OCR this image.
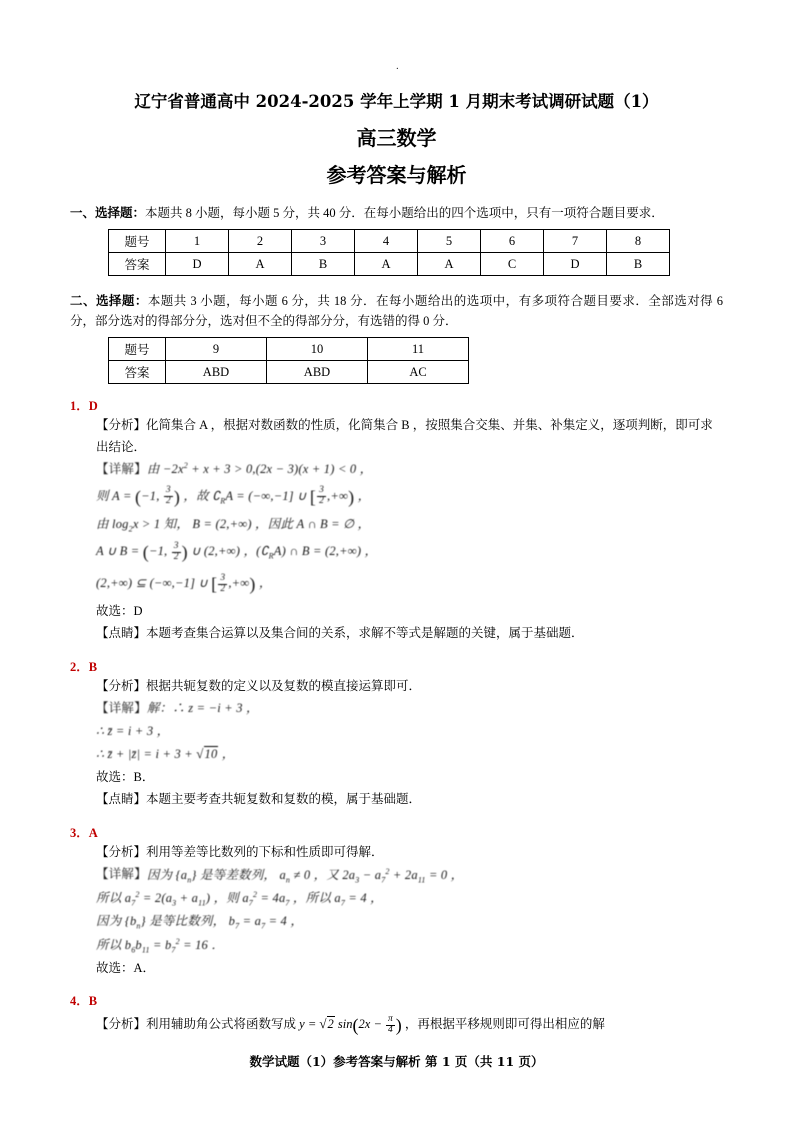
.
辽宁省普通高中 2024-2025 学年上学期 1 月期末考试调研试题（1）
高三数学
参考答案与解析
一、选择题：本题共 8 小题，每小题 5 分，共 40 分．在每小题给出的四个选项中，只有一项符合题目要求．
题号	1	2	3	4	5	6	7	8
答案	D	A	B	A	A	C	D	B
二、选择题：本题共 3 小题，每小题 6 分，共 18 分．在每小题给出的选项中，有多项符合题目要求．全部选对得 6 分，部分选对的得部分分，选对但不全的得部分分，有选错的得 0 分．
题号	9	10	11
答案	ABD	ABD	AC
1．D
【分析】化简集合 A ，根据对数函数的性质，化简集合 B ，按照集合交集、并集、补集定义，逐项判断，即可求出结论．
【详解】由 $-2x^2 + x + 3 > 0,(2x - 3)(x + 1) < 0$ ，
则 A = (−1, $\frac{3}{2}$ ) ，故 $∁_RA = (-\infty,-1]$ ∪ [ $\frac{3}{2}$ ,+∞) ，
由 $\log_2x > 1$ 知， B = (2,+∞) ，因此 A ∩ B = ∅ ，
A ∪ B = (−1, $\frac{3}{2}$ ) ∪ (2,+∞) ，$(∁_RA)$ ∩ B = (2,+∞) ，
(2,+∞) ⊆ (−∞,−1] ∪ [ $\frac{3}{2}$ ,+∞) ，
故选：D
【点睛】本题考查集合运算以及集合间的关系，求解不等式是解题的关键，属于基础题．
2．B
【分析】根据共轭复数的定义以及复数的模直接运算即可．
【详解】解：∴ z = −i + 3 ，
∴ z̄ = i + 3 ，
∴ z̄ + |z̄| = i + 3 + √10 ，
故选：B．
【点睛】本题主要考查共轭复数和复数的模，属于基础题．
3．A
【分析】利用等差等比数列的下标和性质即可得解．
【详解】因为 $\{a_n\}$ 是等差数列， $a_n \ne 0$ ，又 $2a_3 - a_7^2 + 2a_{11} = 0$ ，
所以 $a_7^2 = 2(a_3 + a_{11})$ ，则 $a_7^2 = 4a_7$ ，所以 $a_7 = 4$ ，
因为 $\{b_n\}$ 是等比数列， $b_7 = a_7 = 4$ ，
所以 $b_6b_{11} = b_7^2 = 16$ ．
故选：A．
4．B
【分析】利用辅助角公式将函数写成 y = √2 $\sin(2x - \frac{\pi}{4}$ ) ，再根据平移规则即可得出相应的解
数学试题（1）参考答案与解析 第 1 页（共 11 页）
